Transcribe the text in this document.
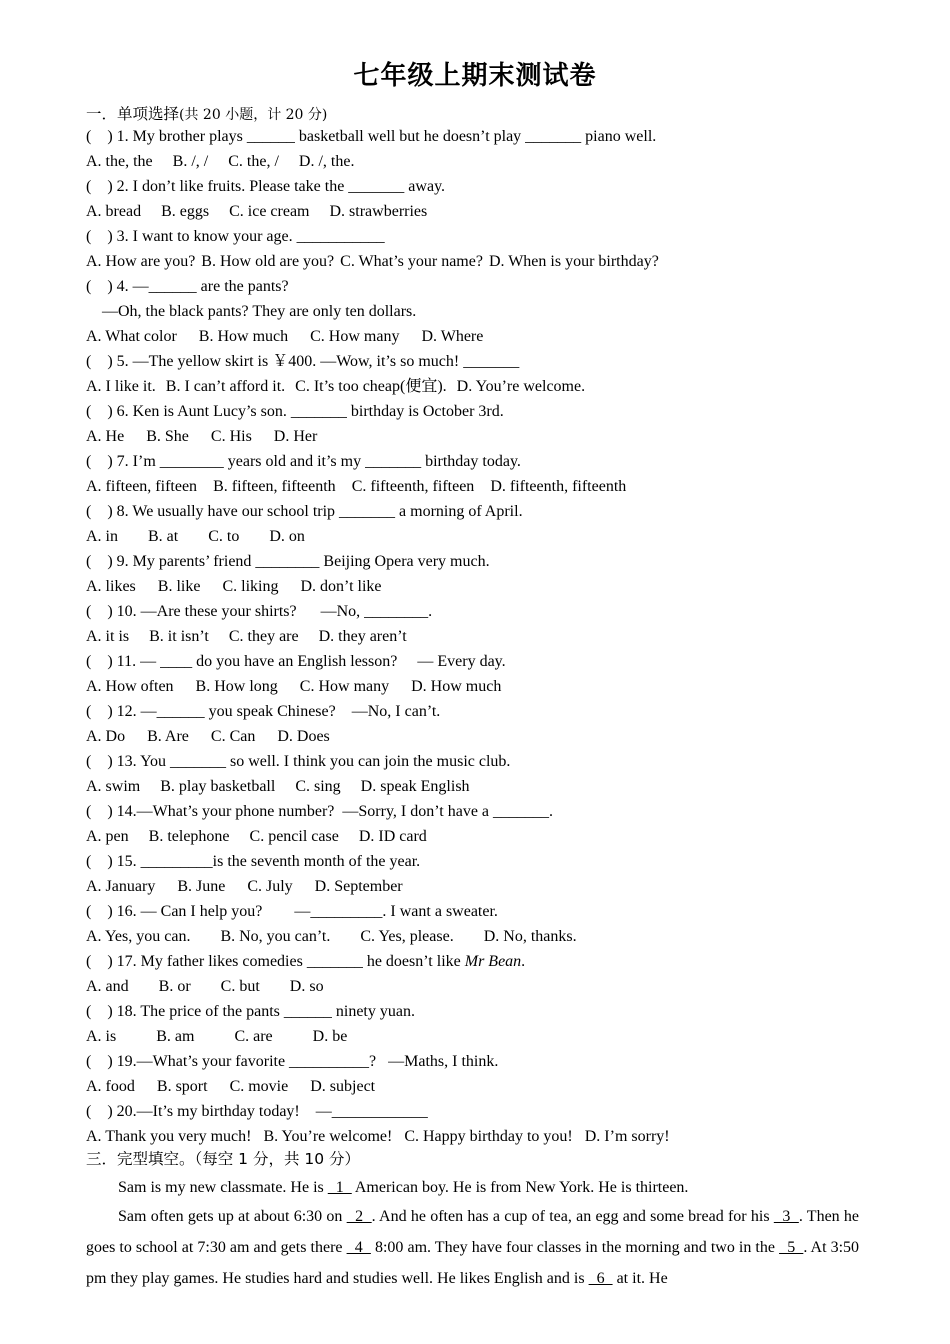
七年级上期末测试卷
一．单项选择(共 20 小题，计 20 分)
(    ) 1. My brother plays ______ basketball well but he doesn’t play _______ piano well.
A. the, the B. /, / C. the, / D. /, the.
(    ) 2. I don’t like fruits. Please take the _______ away.
A. bread B. eggs C. ice cream D. strawberries
(    ) 3. I want to know your age. ___________
A. How are you? B. How old are you? C. What’s your name? D. When is your birthday?
(    ) 4. —______ are the pants?
—Oh, the black pants? They are only ten dollars.
A. What color B. How much C. How many D. Where
(    ) 5. —The yellow skirt is ￥400. —Wow, it’s so much! _______
A. I like it. B. I can’t afford it. C. It’s too cheap(便宜). D. You’re welcome.
(    ) 6. Ken is Aunt Lucy’s son. _______ birthday is October 3rd.
A. He B. She C. His D. Her
(    ) 7. I’m ________ years old and it’s my _______ birthday today.
A. fifteen, fifteen B. fifteen, fifteenth C. fifteenth, fifteen D. fifteenth, fifteenth
(    ) 8. We usually have our school trip _______ a morning of April.
A. in B. at C. to D. on
(    ) 9. My parents’ friend ________ Beijing Opera very much.
A. likes B. like C. liking D. don’t like
(    ) 10. —Are these your shirts?      —No, ________.
A. it is B. it isn’t C. they are D. they aren’t
(    ) 11. — ____ do you have an English lesson?     — Every day.
A. How often B. How long C. How many D. How much
(    ) 12. —______ you speak Chinese?    —No, I can’t.
A. Do B. Are C. Can D. Does
(    ) 13. You _______ so well. I think you can join the music club.
A. swim B. play basketball C. sing D. speak English
(    ) 14.—What’s your phone number?  —Sorry, I don’t have a _______.
A. pen B. telephone C. pencil case D. ID card
(    ) 15. _________is the seventh month of the year.
A. January B. June C. July D. September
(    ) 16. — Can I help you?        —_________. I want a sweater.
A. Yes, you can. B. No, you can’t. C. Yes, please. D. No, thanks.
(    ) 17. My father likes comedies _______ he doesn’t like Mr Bean.
A. and B. or C. but D. so
(    ) 18. The price of the pants ______ ninety yuan.
A. is	B. am	C. are	D. be
(    ) 19.—What’s your favorite __________?   —Maths, I think.
A. food B. sport C. movie D. subject
(    ) 20.—It’s my birthday today!    —____________
A. Thank you very much! B. You’re welcome! C. Happy birthday to you! D. I’m sorry!
三．完型填空。（每空 1 分，共 10 分）
Sam is my new classmate. He is   1   American boy. He is from New York. He is thirteen.
Sam often gets up at about 6:30 on   2  . And he often has a cup of tea, an egg and some bread for his   3  . Then he goes to school at 7:30 am and gets there   4   8:00 am. They have four classes in the morning and two in the   5  . At 3:50 pm they play games. He studies hard and studies well. He likes English and is   6   at it. He
